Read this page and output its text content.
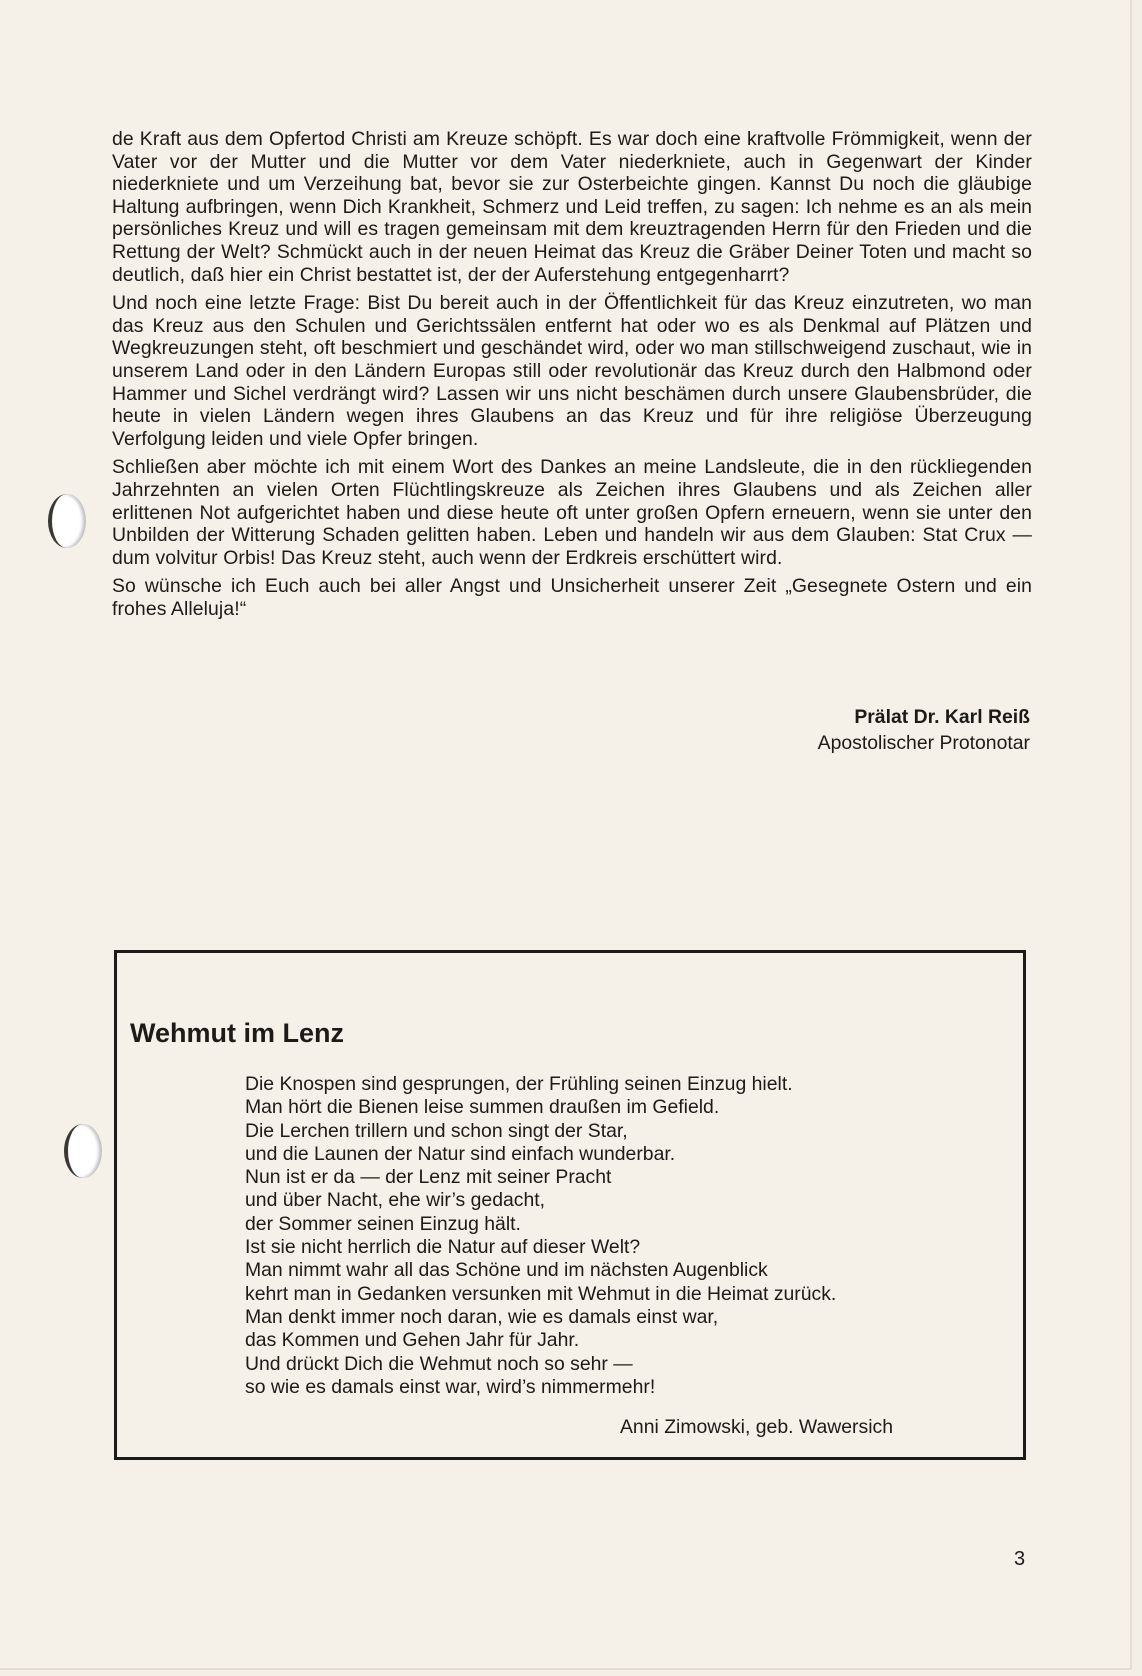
de Kraft aus dem Opfertod Christi am Kreuze schöpft. Es war doch eine kraftvolle Frömmigkeit, wenn der Vater vor der Mutter und die Mutter vor dem Vater niederkniete, auch in Gegenwart der Kinder niederkniete und um Verzeihung bat, bevor sie zur Osterbeichte gingen. Kannst Du noch die gläubige Haltung aufbringen, wenn Dich Krankheit, Schmerz und Leid treffen, zu sagen: Ich nehme es an als mein persönliches Kreuz und will es tragen gemeinsam mit dem kreuztragenden Herrn für den Frieden und die Rettung der Welt? Schmückt auch in der neuen Heimat das Kreuz die Gräber Deiner Toten und macht so deutlich, daß hier ein Christ bestattet ist, der der Auferstehung entgegenharrt?

Und noch eine letzte Frage: Bist Du bereit auch in der Öffentlichkeit für das Kreuz einzutreten, wo man das Kreuz aus den Schulen und Gerichtssälen entfernt hat oder wo es als Denkmal auf Plätzen und Wegkreuzungen steht, oft beschmiert und geschändet wird, oder wo man stillschweigend zuschaut, wie in unserem Land oder in den Ländern Europas still oder revolutionär das Kreuz durch den Halbmond oder Hammer und Sichel verdrängt wird? Lassen wir uns nicht beschämen durch unsere Glaubensbrüder, die heute in vielen Ländern wegen ihres Glaubens an das Kreuz und für ihre religiöse Überzeugung Verfolgung leiden und viele Opfer bringen.

Schließen aber möchte ich mit einem Wort des Dankes an meine Landsleute, die in den rückliegenden Jahrzehnten an vielen Orten Flüchtlingskreuze als Zeichen ihres Glaubens und als Zeichen aller erlittenen Not aufgerichtet haben und diese heute oft unter großen Opfern erneuern, wenn sie unter den Unbilden der Witterung Schaden gelitten haben. Leben und handeln wir aus dem Glauben: Stat Crux — dum volvitur Orbis! Das Kreuz steht, auch wenn der Erdkreis erschüttert wird.

So wünsche ich Euch auch bei aller Angst und Unsicherheit unserer Zeit „Gesegnete Ostern und ein frohes Alleluja!“

Prälat Dr. Karl Reiß
Apostolischer Protonotar
Wehmut im Lenz
Die Knospen sind gesprungen, der Frühling seinen Einzug hielt.
Man hört die Bienen leise summen draußen im Gefield.
Die Lerchen trillern und schon singt der Star,
und die Launen der Natur sind einfach wunderbar.
Nun ist er da — der Lenz mit seiner Pracht
und über Nacht, ehe wir’s gedacht,
der Sommer seinen Einzug hält.
Ist sie nicht herrlich die Natur auf dieser Welt?
Man nimmt wahr all das Schöne und im nächsten Augenblick
kehrt man in Gedanken versunken mit Wehmut in die Heimat zurück.
Man denkt immer noch daran, wie es damals einst war,
das Kommen und Gehen Jahr für Jahr.
Und drückt Dich die Wehmut noch so sehr —
so wie es damals einst war, wird’s nimmermehr!
Anni Zimowski, geb. Wawersich
3
